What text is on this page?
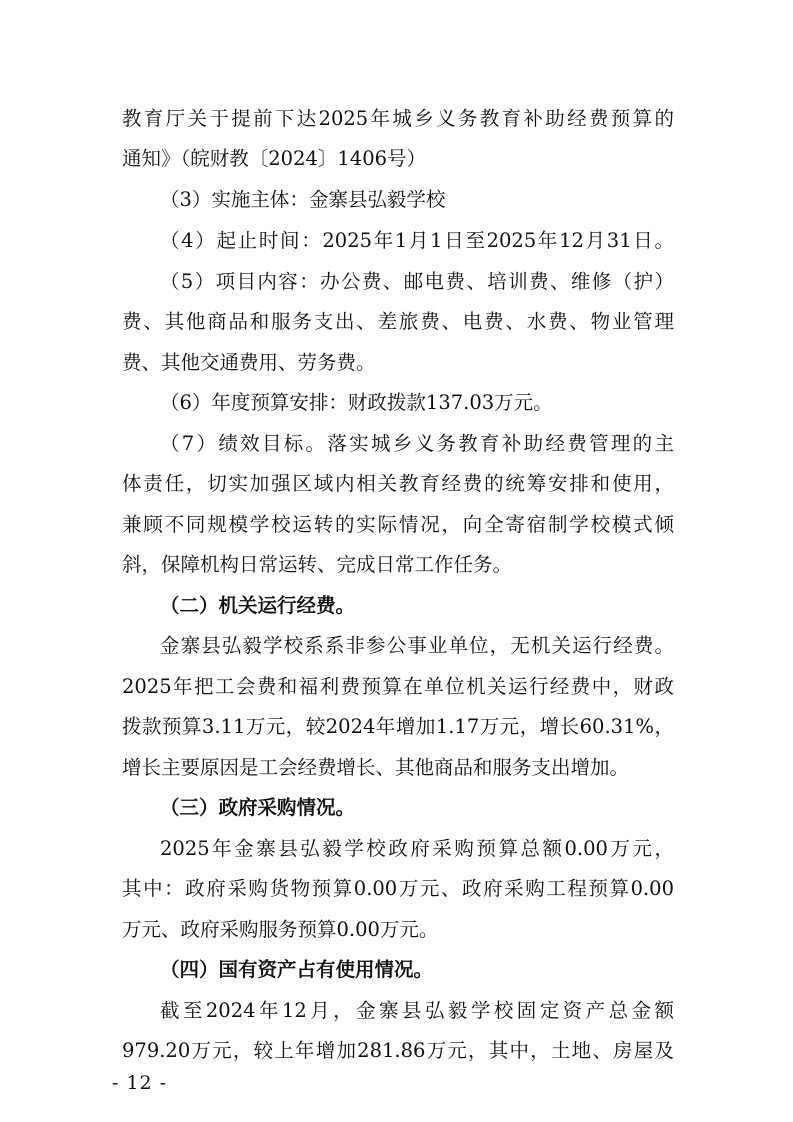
教育厅关于提前下达2025年城乡义务教育补助经费预算的
通知》（皖财教〔2024〕1406号）
（3）实施主体：金寨县弘毅学校
（4）起止时间：2025年1月1日至2025年12月31日。
（5）项目内容：办公费、邮电费、培训费、维修（护）
费、其他商品和服务支出、差旅费、电费、水费、物业管理
费、其他交通费用、劳务费。
（6）年度预算安排：财政拨款137.03万元。
（7）绩效目标。落实城乡义务教育补助经费管理的主
体责任，切实加强区域内相关教育经费的统筹安排和使用，
兼顾不同规模学校运转的实际情况，向全寄宿制学校模式倾
斜，保障机构日常运转、完成日常工作任务。
（二）机关运行经费。
金寨县弘毅学校系系非参公事业单位，无机关运行经费。
2025年把工会费和福利费预算在单位机关运行经费中，财政
拨款预算3.11万元，较2024年增加1.17万元，增长60.31%，
增长主要原因是工会经费增长、其他商品和服务支出增加。
（三）政府采购情况。
2025年金寨县弘毅学校政府采购预算总额0.00万元，
其中：政府采购货物预算0.00万元、政府采购工程预算0.00
万元、政府采购服务预算0.00万元。
（四）国有资产占有使用情况。
截至2024年12月，金寨县弘毅学校固定资产总金额
979.20万元，较上年增加281.86万元，其中，土地、房屋及
- 12 -
